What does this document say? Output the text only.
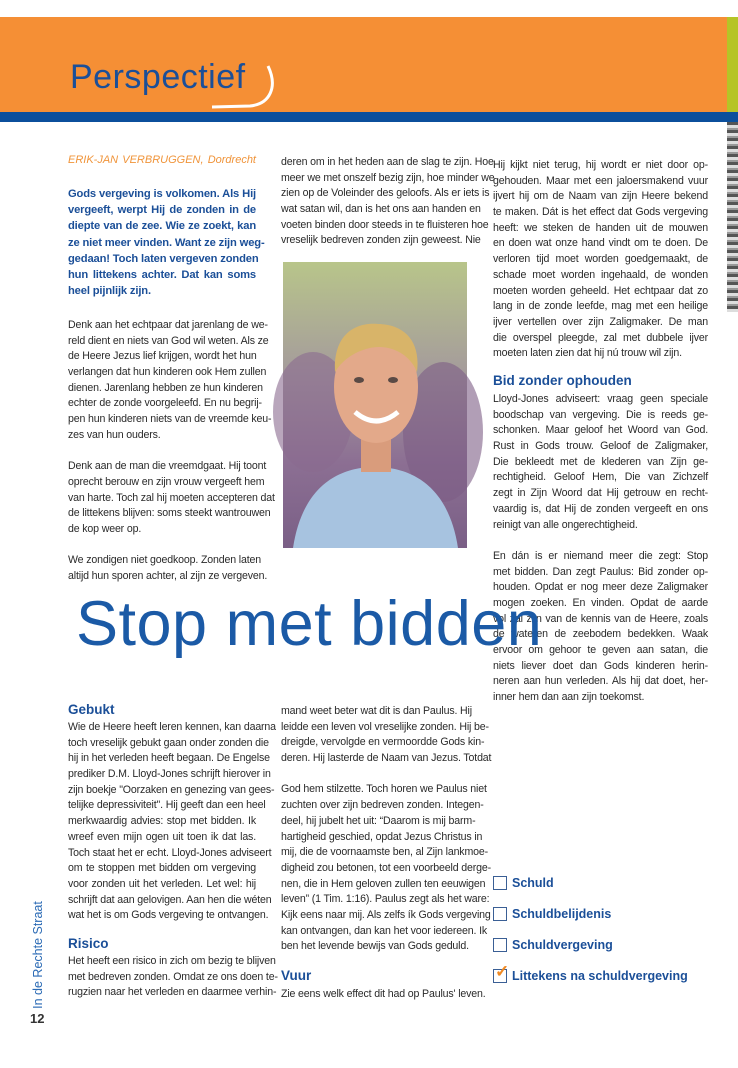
Perspectief
ERIK-JAN VERBRUGGEN, Dordrecht
Gods vergeving is volkomen. Als Hij
vergeeft, werpt Hij de zonden in de
diepte van de zee. Wie ze zoekt, kan
ze niet meer vinden. Want ze zijn weg-
gedaan! Toch laten vergeven zonden
hun littekens achter. Dat kan soms
heel pijnlijk zijn.
Denk aan het echtpaar dat jarenlang de we-
reld dient en niets van God wil weten. Als ze
de Heere Jezus lief krijgen, wordt het hun
verlangen dat hun kinderen ook Hem zullen
dienen. Jarenlang hebben ze hun kinderen
echter de zonde voorgeleefd. En nu begrij-
pen hun kinderen niets van de vreemde keu-
zes van hun ouders.
Denk aan de man die vreemdgaat. Hij toont
oprecht berouw en zijn vrouw vergeeft hem
van harte. Toch zal hij moeten accepteren dat
de littekens blijven: soms steekt wantrouwen
de kop weer op.
We zondigen niet goedkoop. Zonden laten
altijd hun sporen achter, al zijn ze vergeven.
deren om in het heden aan de slag te zijn. Hoe
meer we met onszelf bezig zijn, hoe minder we
zien op de Voleinder des geloofs. Als er iets is
wat satan wil, dan is het ons aan handen en
voeten binden door steeds in te fluisteren hoe
vreselijk bedreven zonden zijn geweest. Nie
Hij kijkt niet terug, hij wordt er niet door op-
gehouden. Maar met een jaloersmakend vuur
ijvert hij om de Naam van zijn Heere bekend
te maken. Dát is het effect dat Gods vergeving
heeft: we steken de handen uit de mouwen
en doen wat onze hand vindt om te doen. De
verloren tijd moet worden goedgemaakt, de
schade moet worden ingehaald, de wonden
moeten worden geheeld. Het echtpaar dat zo
lang in de zonde leefde, mag met een heilige
ijver vertellen over zijn Zaligmaker. De man
die overspel pleegde, zal met dubbele ijver
moeten laten zien dat hij nú trouw wil zijn.
Bid zonder ophouden
Lloyd-Jones adviseert: vraag geen speciale
boodschap van vergeving. Die is reeds ge-
schonken. Maar geloof het Woord van God.
Rust in Gods trouw. Geloof de Zaligmaker,
Die bekleedt met de klederen van Zijn ge-
rechtigheid. Geloof Hem, Die van Zichzelf
zegt in Zijn Woord dat Hij getrouw en recht-
vaardig is, dat Hij de zonden vergeeft en ons
reinigt van alle ongerechtigheid.
En dán is er niemand meer die zegt: Stop
met bidden. Dan zegt Paulus: Bid zonder op-
houden. Opdat er nog meer deze Zaligmaker
mogen zoeken. En vinden. Opdat de aarde
vol zal zijn van de kennis van de Heere, zoals
de wateren de zeebodem bedekken. Waak
ervoor om gehoor te geven aan satan, die
niets liever doet dan Gods kinderen herin-
neren aan hun verleden. Als hij dat doet, her-
inner hem dan aan zijn toekomst.
Stop met bidden
Gebukt
Wie de Heere heeft leren kennen, kan daarna
toch vreselijk gebukt gaan onder zonden die
hij in het verleden heeft begaan. De Engelse
prediker D.M. Lloyd-Jones schrijft hierover in
zijn boekje "Oorzaken en genezing van gees-
telijke depressiviteit". Hij geeft dan een heel
merkwaardig advies: stop met bidden. Ik
wreef even mijn ogen uit toen ik dat las.
Toch staat het er echt. Lloyd-Jones adviseert
om te stoppen met bidden om vergeving
voor zonden uit het verleden. Let wel: hij
schrijft dat aan gelovigen. Aan hen die wéten
wat het is om Gods vergeving te ontvangen.
Risico
Het heeft een risico in zich om bezig te blijven
met bedreven zonden. Omdat ze ons doen te-
rugzien naar het verleden en daarmee verhin-
mand weet beter wat dit is dan Paulus. Hij
leidde een leven vol vreselijke zonden. Hij be-
dreigde, vervolgde en vermoordde Gods kin-
deren. Hij lasterde de Naam van Jezus. Totdat
God hem stilzette. Toch horen we Paulus niet
zuchten over zijn bedreven zonden. Integen-
deel, hij jubelt het uit: “Daarom is mij barm-
hartigheid geschied, opdat Jezus Christus in
mij, die de voornaamste ben, al Zijn lankmoe-
digheid zou betonen, tot een voorbeeld derge-
nen, die in Hem geloven zullen ten eeuwigen
leven” (1 Tim. 1:16). Paulus zegt als het ware:
Kijk eens naar mij. Als zelfs ík Gods vergeving
kan ontvangen, dan kan het voor iedereen. Ik
ben het levende bewijs van Gods geduld.
Vuur
Zie eens welk effect dit had op Paulus' leven.
Schuld
Schuldbelijdenis
Schuldvergeving
✓ Littekens na schuldvergeving
In de Rechte Straat
12
